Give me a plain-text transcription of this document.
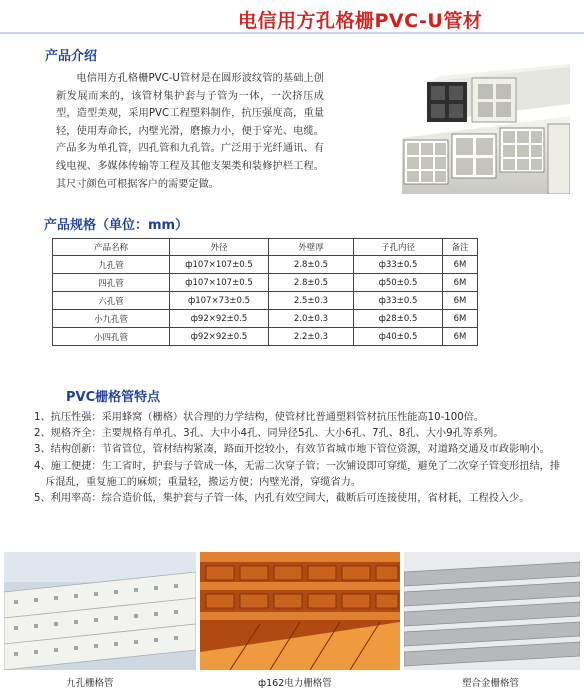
电信用方孔格栅PVC-U管材
产品介绍
电信用方孔格栅PVC-U管材是在圆形波纹管的基础上创新发展而来的，该管材集护套与子管为一体，一次挤压成型，造型美观，采用PVC工程塑料制作，抗压强度高，重量轻，使用寿命长，内壁光滑，磨擦力小，便于穿光、电缆。产品多为单孔管，四孔管和九孔管。广泛用于光纤通讯、有线电视、多媒体传输等工程及其他支架类和装修护栏工程。其尺寸颜色可根据客户的需要定做。
产品规格（单位：mm）
产品名称	外径	外壁厚	子孔内径	备注
九孔管	ф107×107±0.5	2.8±0.5	ф33±0.5	6M
四孔管	ф107×107±0.5	2.8±0.5	ф50±0.5	6M
六孔管	ф107×73±0.5	2.5±0.3	ф33±0.5	6M
小九孔管	ф92×92±0.5	2.0±0.3	ф28±0.5	6M
小四孔管	ф92×92±0.5	2.2±0.3	ф40±0.5	6M
PVC栅格管特点

1、抗压性强：采用蜂窝（栅格）状合理的力学结构，使管材比普通塑料管材抗压性能高10-100倍。

2、规格齐全：主要规格有单孔、3孔、大中小4孔、同异径5孔、大小6孔、7孔、8孔、大小9孔等系列。

3、结构创新：节省管位，管材结构紧凑，路面开挖较小，有效节省城市地下管位资源，对道路交通及市政影响小。

4、施工便捷：生工省时，护套与子管成一体，无需二次穿子管；一次铺设即可穿缆，避免了二次穿子管变形扭结，排斥混乱，重复施工的麻烦；重量轻，搬运方便；内壁光滑，穿缆省力。

5、利用率高：综合造价低，集护套与子管一体，内孔有效空间大，截断后可连接使用，省材耗，工程投入少。

九孔栅格管	ф162电力栅格管	塑合金栅格管
